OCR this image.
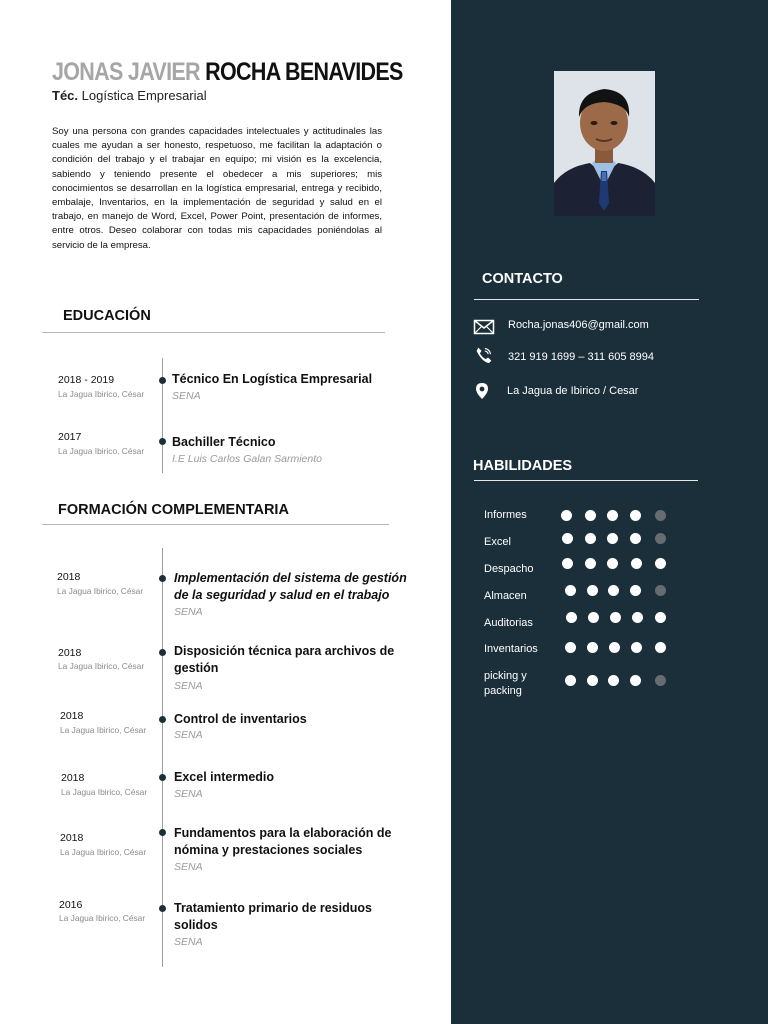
JONAS JAVIER ROCHA BENAVIDES
Téc. Logística Empresarial

Soy una persona con grandes capacidades intelectuales y actitudinales las cuales me ayudan a ser honesto, respetuoso, me facilitan la adaptación o condición del trabajo y el trabajar en equipo; mi visión es la excelencia, sabiendo y teniendo presente el obedecer a mis superiores; mis conocimientos se desarrollan en la logística empresarial, entrega y recibido, embalaje, Inventarios, en la implementación de seguridad y salud en el trabajo, en manejo de Word, Excel, Power Point, presentación de informes, entre otros. Deseo colaborar con todas mis capacidades poniéndolas al servicio de la empresa.

EDUCACIÓN
2018 - 2019
La Jagua Ibirico, César
Técnico En Logística Empresarial
SENA
2017
La Jagua Ibirico, César
Bachiller Técnico
I.E Luis Carlos Galan Sarmiento
FORMACIÓN COMPLEMENTARIA
2018
La Jagua Ibirico, César
Implementación del sistema de gestión de la seguridad y salud en el trabajo
SENA
2018
La Jagua Ibirico, César
Disposición técnica para archivos de gestión
SENA
2018
La Jagua Ibirico, César
Control de inventarios
SENA
2018
La Jagua Ibirico, César
Excel intermedio
SENA
2018
La Jagua Ibirico, César
Fundamentos para la elaboración de nómina y prestaciones sociales
SENA
2016
La Jagua Ibirico, César
Tratamiento primario de residuos solidos
SENA
CONTACTO
Rocha.jonas406@gmail.com
321 919 1699 – 311 605 8994
La Jagua de Ibirico / Cesar
HABILIDADES
Informes
Excel
Despacho
Almacen
Auditorias
Inventarios
picking y packing
